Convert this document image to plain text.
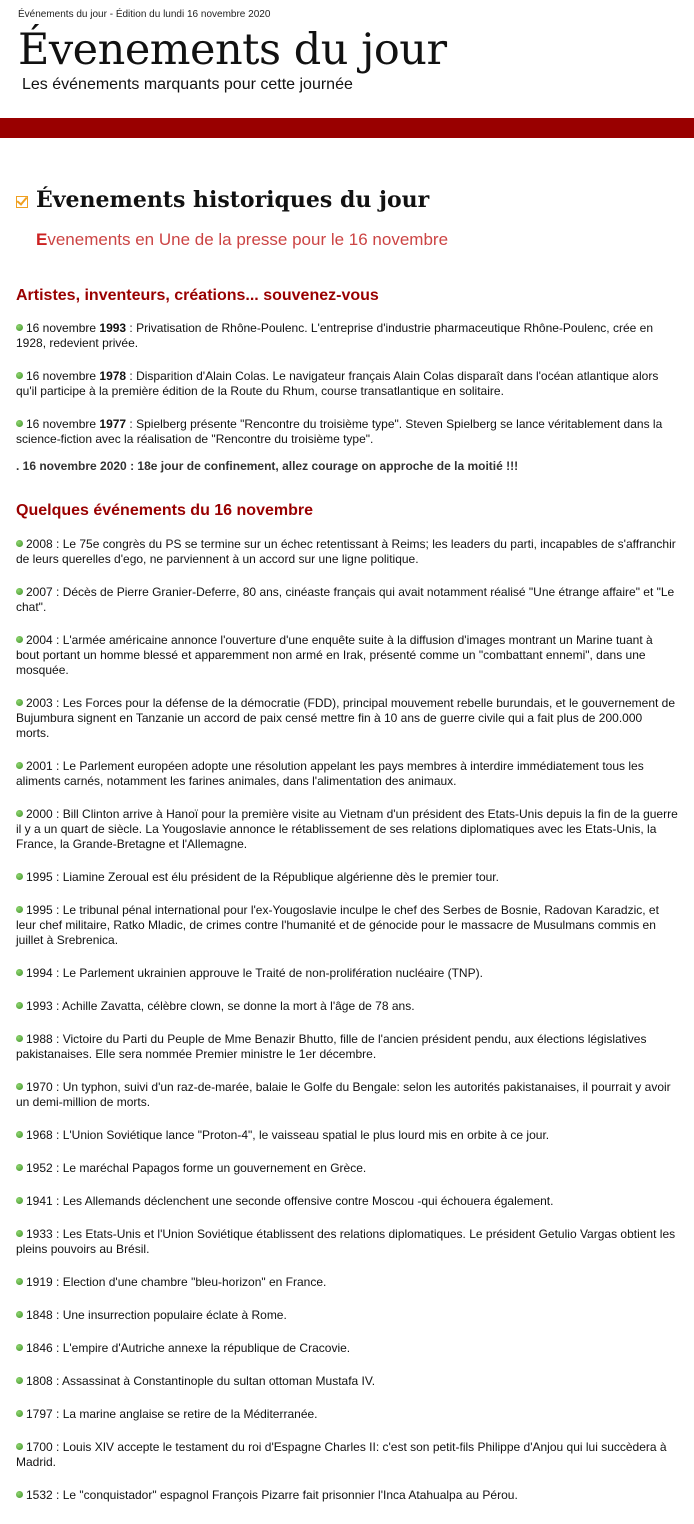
Événements du jour - Édition du lundi 16 novembre 2020
Évenements du jour
Les événements marquants pour cette journée
Évenements historiques du jour
Evenements en Une de la presse pour le 16 novembre
Artistes, inventeurs, créations... souvenez-vous
16 novembre 1993 : Privatisation de Rhône-Poulenc. L'entreprise d'industrie pharmaceutique Rhône-Poulenc, crée en 1928, redevient privée.
16 novembre 1978 : Disparition d'Alain Colas. Le navigateur français Alain Colas disparaît dans l'océan atlantique alors qu'il participe à la première édition de la Route du Rhum, course transatlantique en solitaire.
16 novembre 1977 : Spielberg présente "Rencontre du troisième type". Steven Spielberg se lance véritablement dans la science-fiction avec la réalisation de "Rencontre du troisième type".
. 16 novembre 2020 : 18e jour de confinement, allez courage on approche de la moitié !!!
Quelques événements du 16 novembre
2008 : Le 75e congrès du PS se termine sur un échec retentissant à Reims; les leaders du parti, incapables de s'affranchir de leurs querelles d'ego, ne parviennent à un accord sur une ligne politique.
2007 : Décès de Pierre Granier-Deferre, 80 ans, cinéaste français qui avait notamment réalisé "Une étrange affaire" et "Le chat".
2004 : L'armée américaine annonce l'ouverture d'une enquête suite à la diffusion d'images montrant un Marine tuant à bout portant un homme blessé et apparemment non armé en Irak, présenté comme un "combattant ennemi", dans une mosquée.
2003 : Les Forces pour la défense de la démocratie (FDD), principal mouvement rebelle burundais, et le gouvernement de Bujumbura signent en Tanzanie un accord de paix censé mettre fin à 10 ans de guerre civile qui a fait plus de 200.000 morts.
2001 : Le Parlement européen adopte une résolution appelant les pays membres à interdire immédiatement tous les aliments carnés, notamment les farines animales, dans l'alimentation des animaux.
2000 : Bill Clinton arrive à Hanoï pour la première visite au Vietnam d'un président des Etats-Unis depuis la fin de la guerre il y a un quart de siècle. La Yougoslavie annonce le rétablissement de ses relations diplomatiques avec les Etats-Unis, la France, la Grande-Bretagne et l'Allemagne.
1995 : Liamine Zeroual est élu président de la République algérienne dès le premier tour.
1995 : Le tribunal pénal international pour l'ex-Yougoslavie inculpe le chef des Serbes de Bosnie, Radovan Karadzic, et leur chef militaire, Ratko Mladic, de crimes contre l'humanité et de génocide pour le massacre de Musulmans commis en juillet à Srebrenica.
1994 : Le Parlement ukrainien approuve le Traité de non-prolifération nucléaire (TNP).
1993 : Achille Zavatta, célèbre clown, se donne la mort à l'âge de 78 ans.
1988 : Victoire du Parti du Peuple de Mme Benazir Bhutto, fille de l'ancien président pendu, aux élections législatives pakistanaises. Elle sera nommée Premier ministre le 1er décembre.
1970 : Un typhon, suivi d'un raz-de-marée, balaie le Golfe du Bengale: selon les autorités pakistanaises, il pourrait y avoir un demi-million de morts.
1968 : L'Union Soviétique lance "Proton-4", le vaisseau spatial le plus lourd mis en orbite à ce jour.
1952 : Le maréchal Papagos forme un gouvernement en Grèce.
1941 : Les Allemands déclenchent une seconde offensive contre Moscou -qui échouera également.
1933 : Les Etats-Unis et l'Union Soviétique établissent des relations diplomatiques. Le président Getulio Vargas obtient les pleins pouvoirs au Brésil.
1919 : Election d'une chambre "bleu-horizon" en France.
1848 : Une insurrection populaire éclate à Rome.
1846 : L'empire d'Autriche annexe la république de Cracovie.
1808 : Assassinat à Constantinople du sultan ottoman Mustafa IV.
1797 : La marine anglaise se retire de la Méditerranée.
1700 : Louis XIV accepte le testament du roi d'Espagne Charles II: c'est son petit-fils Philippe d'Anjou qui lui succèdera à Madrid.
1532 : Le "conquistador" espagnol François Pizarre fait prisonnier l'Inca Atahualpa au Pérou.
